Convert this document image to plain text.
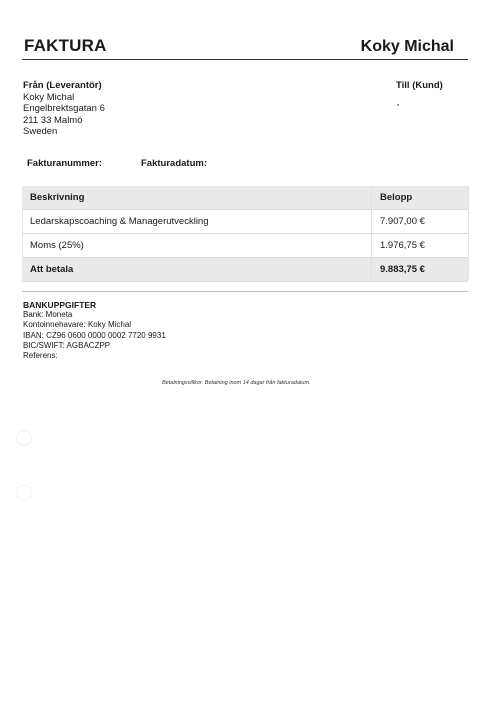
FAKTURA	Koky Michal
Från (Leverantör)
Koky Michal
Engelbrektsgatan 6
211 33 Malmö
Sweden
Till (Kund)
Fakturanummer:	Fakturadatum:
Beskrivning	Belopp
Ledarskapscoaching & Managerutveckling	7.907,00 €
Moms (25%)	1.976,75 €
Att betala	9.883,75 €
BANKUPPGIFTER
Bank: Moneta
Kontoinnehavare: Koky Michal
IBAN: CZ96 0600 0000 0002 7720 9931
BIC/SWIFT: AGBACZPP
Referens:
Betalningsvillkor: Betalning inom 14 dagar från fakturadatum.
